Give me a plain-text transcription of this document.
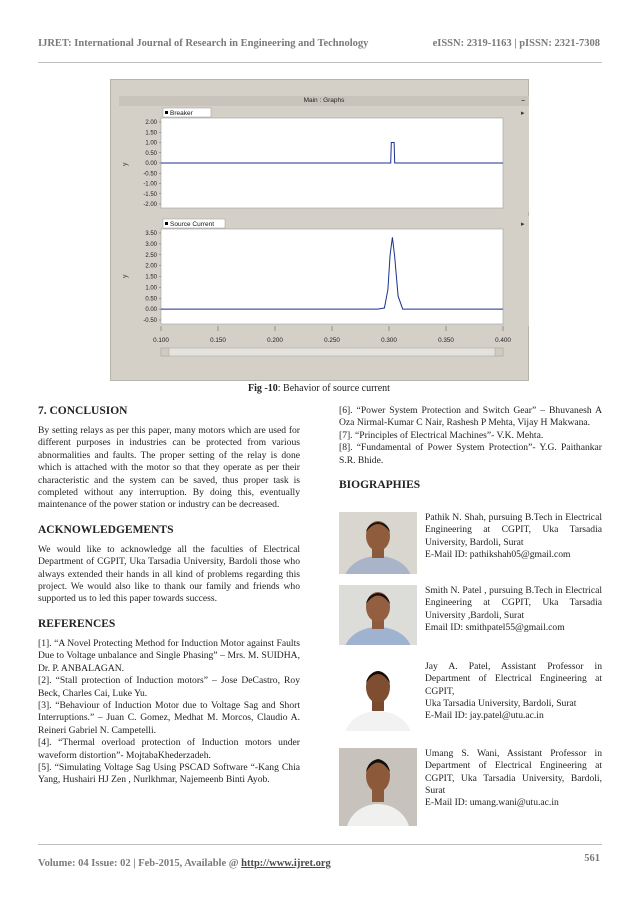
IJRET: International Journal of Research in Engineering and Technology	eISSN: 2319-1163 | pISSN: 2321-7308
Main : Graphs	–
Breaker
Source Current
▸
▸
y
y
2.00
1.50
1.00
0.50
0.00
-0.50
-1.00
-1.50
-2.00
3.50
3.00
2.50
2.00
1.50
1.00
0.50
0.00
-0.50
0.100	0.150	0.200	0.250	0.300	0.350	0.400
Fig -10: Behavior of source current
7. CONCLUSION

By setting relays as per this paper, many motors which are used for different purposes in industries can be protected from various abnormalities and faults. The proper setting of the relay is done which is attached with the motor so that they operate as per their characteristic and the system can be saved, thus proper task is completed without any interruption. By doing this, eventually maintenance of the power station or industry can be decreased.

ACKNOWLEDGEMENTS

We would like to acknowledge all the faculties of Electrical Department of CGPIT, Uka Tarsadia University, Bardoli those who always extended their hands in all kind of problems regarding this project. We would also like to thank our family and friends who supported us to led this paper towards success.

REFERENCES
[1]. “A Novel Protecting Method for Induction Motor against Faults Due to Voltage unbalance and Single Phasing” – Mrs. M. SUIDHA, Dr. P. ANBALAGAN.
[2]. “Stall protection of Induction motors” – Jose DeCastro, Roy Beck, Charles Cai, Luke Yu.
[3]. “Behaviour of Induction Motor due to Voltage Sag and Short Interruptions.” – Juan C. Gomez, Medhat M. Morcos, Claudio A. Reineri Gabriel N. Campetelli.
[4]. “Thermal overload protection of Induction motors under waveform distortion”- MojtabaKhederzadeh.
[5]. “Simulating Voltage Sag Using PSCAD Software “-Kang Chia Yang, Hushairi HJ Zen , Nurlkhmar, Najemeenb Binti Ayob.
[6]. “Power System Protection and Switch Gear” – Bhuvanesh A Oza Nirmal-Kumar C Nair, Rashesh P Mehta, Vijay H Makwana.
[7]. “Principles of Electrical Machines”- V.K. Mehta.
[8]. “Fundamental of Power System Protection”- Y.G. Paithankar S.R. Bhide.
BIOGRAPHIES
Pathik N. Shah, pursuing B.Tech in Electrical Engineering at CGPIT, Uka Tarsadia University, Bardoli, Surat
E-Mail ID: pathikshah05@gmail.com
Smith N. Patel , pursuing B.Tech in Electrical Engineering at CGPIT, Uka Tarsadia University ,Bardoli, Surat
Email ID: smithpatel55@gmail.com
Jay A. Patel, Assistant Professor in Department of Electrical Engineering at CGPIT,
Uka Tarsadia University, Bardoli, Surat
E-Mail ID: jay.patel@utu.ac.in
Umang S. Wani, Assistant Professor in Department of Electrical Engineering at CGPIT, Uka Tarsadia University, Bardoli, Surat
E-Mail ID: umang.wani@utu.ac.in
Volume: 04 Issue: 02 | Feb-2015, Available @ http://www.ijret.org	561
